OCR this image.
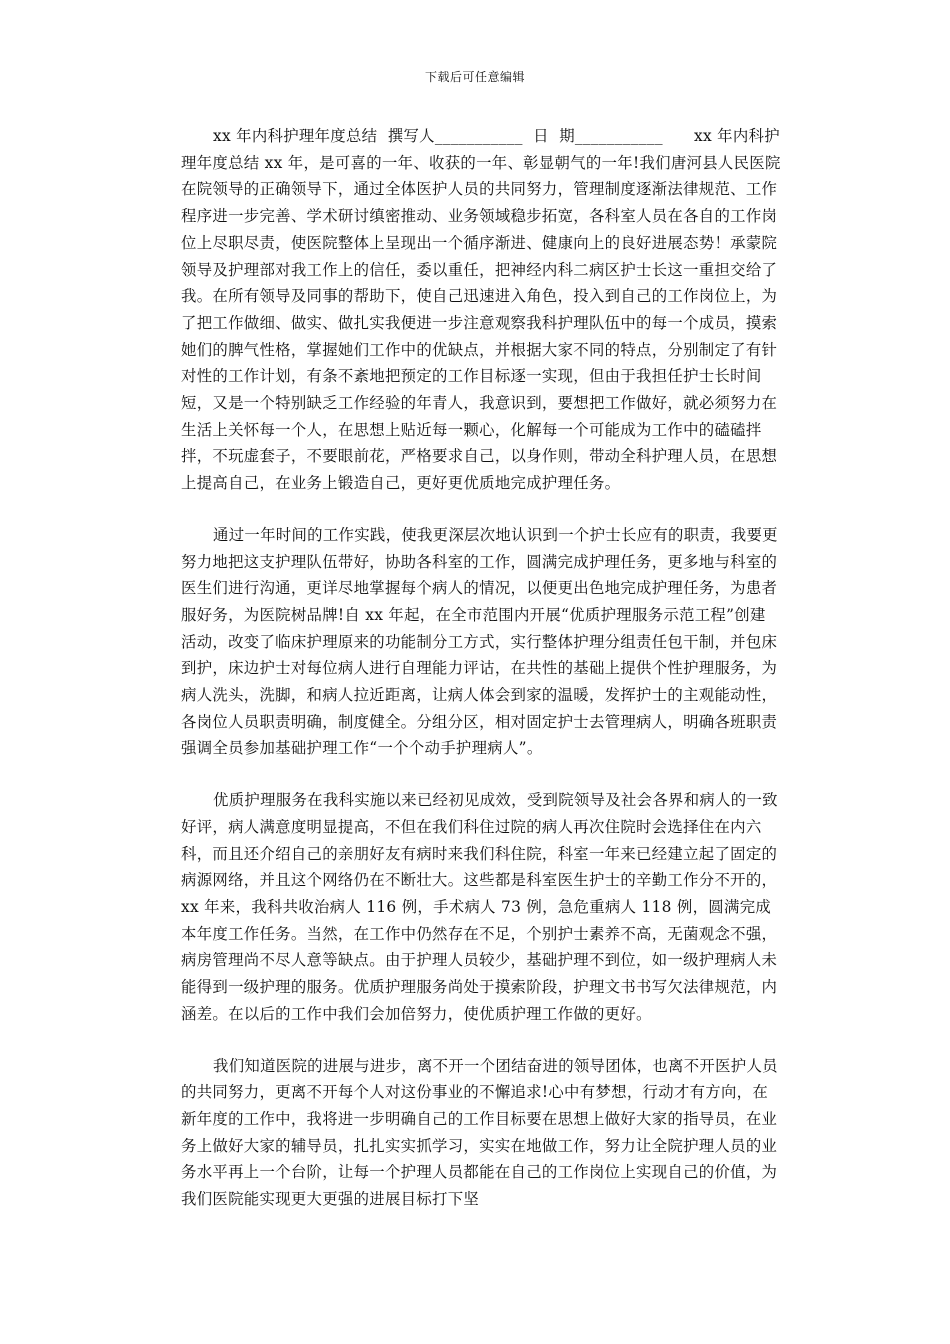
下载后可任意编辑

xx 年内科护理年度总结  撰写人___________  日  期___________      xx 年内科护理年度总结 xx 年，是可喜的一年、收获的一年、彰显朝气的一年!我们唐河县人民医院在院领导的正确领导下，通过全体医护人员的共同努力，管理制度逐渐法律规范、工作程序进一步完善、学术研讨缜密推动、业务领域稳步拓宽，各科室人员在各自的工作岗位上尽职尽责，使医院整体上呈现出一个循序渐进、健康向上的良好进展态势！承蒙院领导及护理部对我工作上的信任，委以重任，把神经内科二病区护士长这一重担交给了我。在所有领导及同事的帮助下，使自己迅速进入角色，投入到自己的工作岗位上，为了把工作做细、做实、做扎实我便进一步注意观察我科护理队伍中的每一个成员，摸索她们的脾气性格，掌握她们工作中的优缺点，并根据大家不同的特点，分别制定了有针对性的工作计划，有条不紊地把预定的工作目标逐一实现，但由于我担任护士长时间短，又是一个特别缺乏工作经验的年青人，我意识到，要想把工作做好，就必须努力在生活上关怀每一个人，在思想上贴近每一颗心，化解每一个可能成为工作中的磕磕拌拌，不玩虚套子，不要眼前花，严格要求自己，以身作则，带动全科护理人员，在思想上提高自己，在业务上锻造自己，更好更优质地完成护理任务。

通过一年时间的工作实践，使我更深层次地认识到一个护士长应有的职责，我要更努力地把这支护理队伍带好，协助各科室的工作，圆满完成护理任务，更多地与科室的医生们进行沟通，更详尽地掌握每个病人的情况，以便更出色地完成护理任务，为患者服好务，为医院树品牌!自 xx 年起，在全市范围内开展“优质护理服务示范工程”创建活动，改变了临床护理原来的功能制分工方式，实行整体护理分组责任包干制，并包床到护，床边护士对每位病人进行自理能力评诂，在共性的基础上提供个性护理服务，为病人洗头，洗脚，和病人拉近距离，让病人体会到家的温暖，发挥护士的主观能动性，各岗位人员职责明确，制度健全。分组分区，相对固定护士去管理病人，明确各班职责强调全员参加基础护理工作“一个个动手护理病人”。

优质护理服务在我科实施以来已经初见成效，受到院领导及社会各界和病人的一致好评，病人满意度明显提高，不但在我们科住过院的病人再次住院时会选择住在内六科，而且还介绍自己的亲朋好友有病时来我们科住院，科室一年来已经建立起了固定的病源网络，并且这个网络仍在不断壮大。这些都是科室医生护士的辛勤工作分不开的，  xx 年来，我科共收治病人 116 例，手术病人 73 例，急危重病人 118 例，圆满完成本年度工作任务。当然，在工作中仍然存在不足，个别护士素养不高，无菌观念不强，病房管理尚不尽人意等缺点。由于护理人员较少，基础护理不到位，如一级护理病人未能得到一级护理的服务。优质护理服务尚处于摸索阶段，护理文书书写欠法律规范，内涵差。在以后的工作中我们会加倍努力，使优质护理工作做的更好。

我们知道医院的进展与进步，离不开一个团结奋进的领导团体，也离不开医护人员的共同努力，更离不开每个人对这份事业的不懈追求!心中有梦想，行动才有方向，在新年度的工作中，我将进一步明确自己的工作目标要在思想上做好大家的指导员，在业务上做好大家的辅导员，扎扎实实抓学习，实实在地做工作，努力让全院护理人员的业务水平再上一个台阶，让每一个护理人员都能在自己的工作岗位上实现自己的价值，为我们医院能实现更大更强的进展目标打下坚
